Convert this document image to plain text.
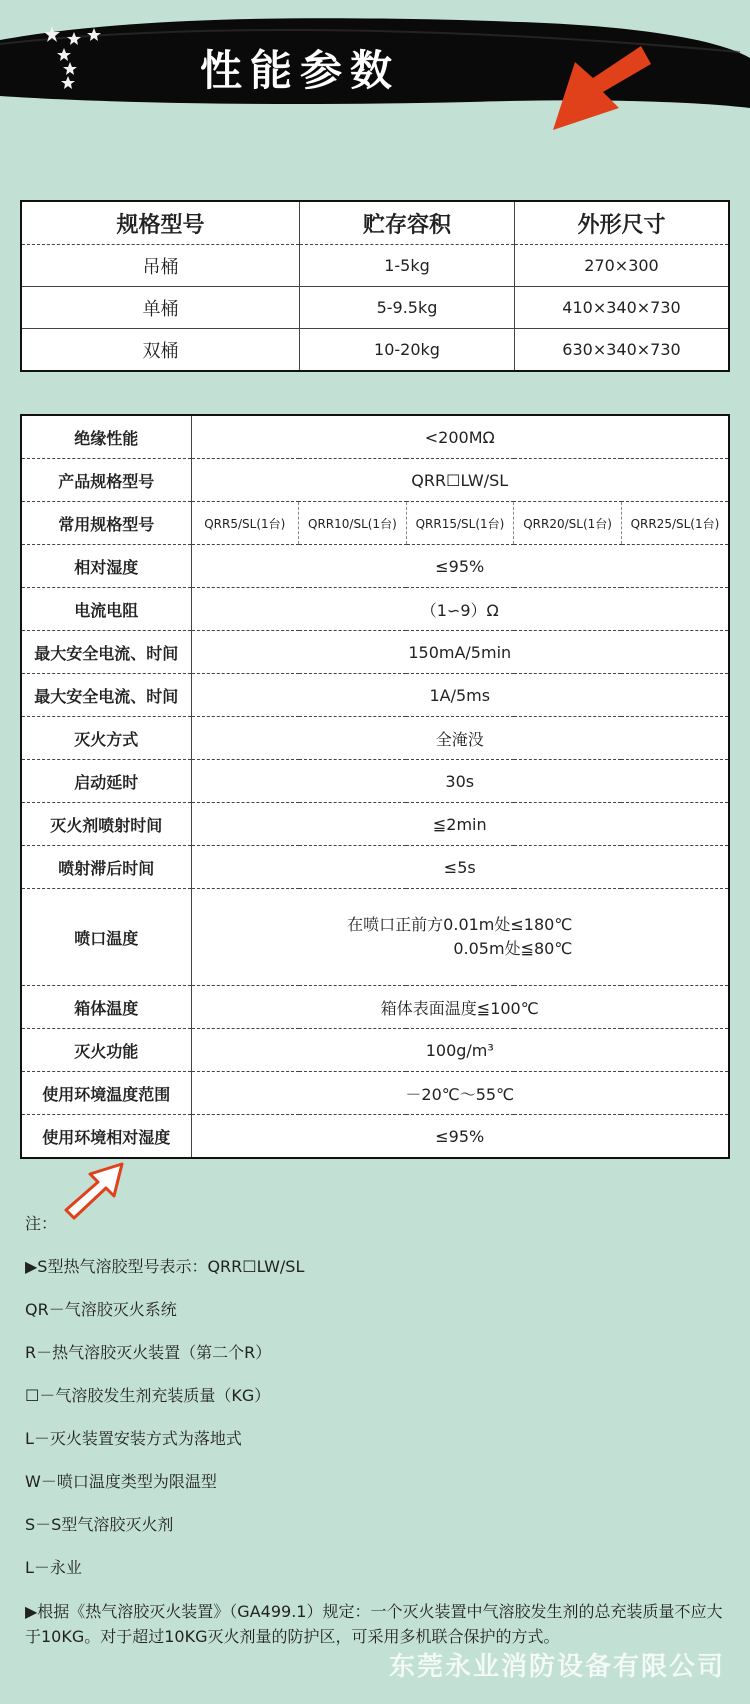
性能参数
规格型号	贮存容积	外形尺寸
吊桶	1-5kg	270×300
单桶	5-9.5kg	410×340×730
双桶	10-20kg	630×340×730
绝缘性能	<200MΩ				
产品规格型号	QRR☐LW/SL				
常用规格型号	QRR5/SL(1台)	QRR10/SL(1台)	QRR15/SL(1台)	QRR20/SL(1台)	QRR25/SL(1台)
相对湿度	≤95%				
电流电阻	（1∽9）Ω				
最大安全电流、时间	150mA/5min				
最大安全电流、时间	1A/5ms				
灭火方式	全淹没				
启动延时	30s				
灭火剂喷射时间	≦2min				
喷射滞后时间	≤5s				
喷口温度	在喷口正前方0.01m处≤180℃
0.05m处≦80℃				
箱体温度	箱体表面温度≦100℃				
灭火功能	100g/m³				
使用环境温度范围	－20℃～55℃				
使用环境相对湿度	≤95%				
注：
▶S型热气溶胶型号表示：QRR☐LW/SL
QR－气溶胶灭火系统
R－热气溶胶灭火装置（第二个R）
☐－气溶胶发生剂充装质量（KG）
L－灭火装置安装方式为落地式
W－喷口温度类型为限温型
S－S型气溶胶灭火剂
L－永业
▶根据《热气溶胶灭火装置》（GA499.1）规定：一个灭火装置中气溶胶发生剂的总充装质量不应大于10KG。对于超过10KG灭火剂量的防护区，可采用多机联合保护的方式。
东莞永业消防设备有限公司
